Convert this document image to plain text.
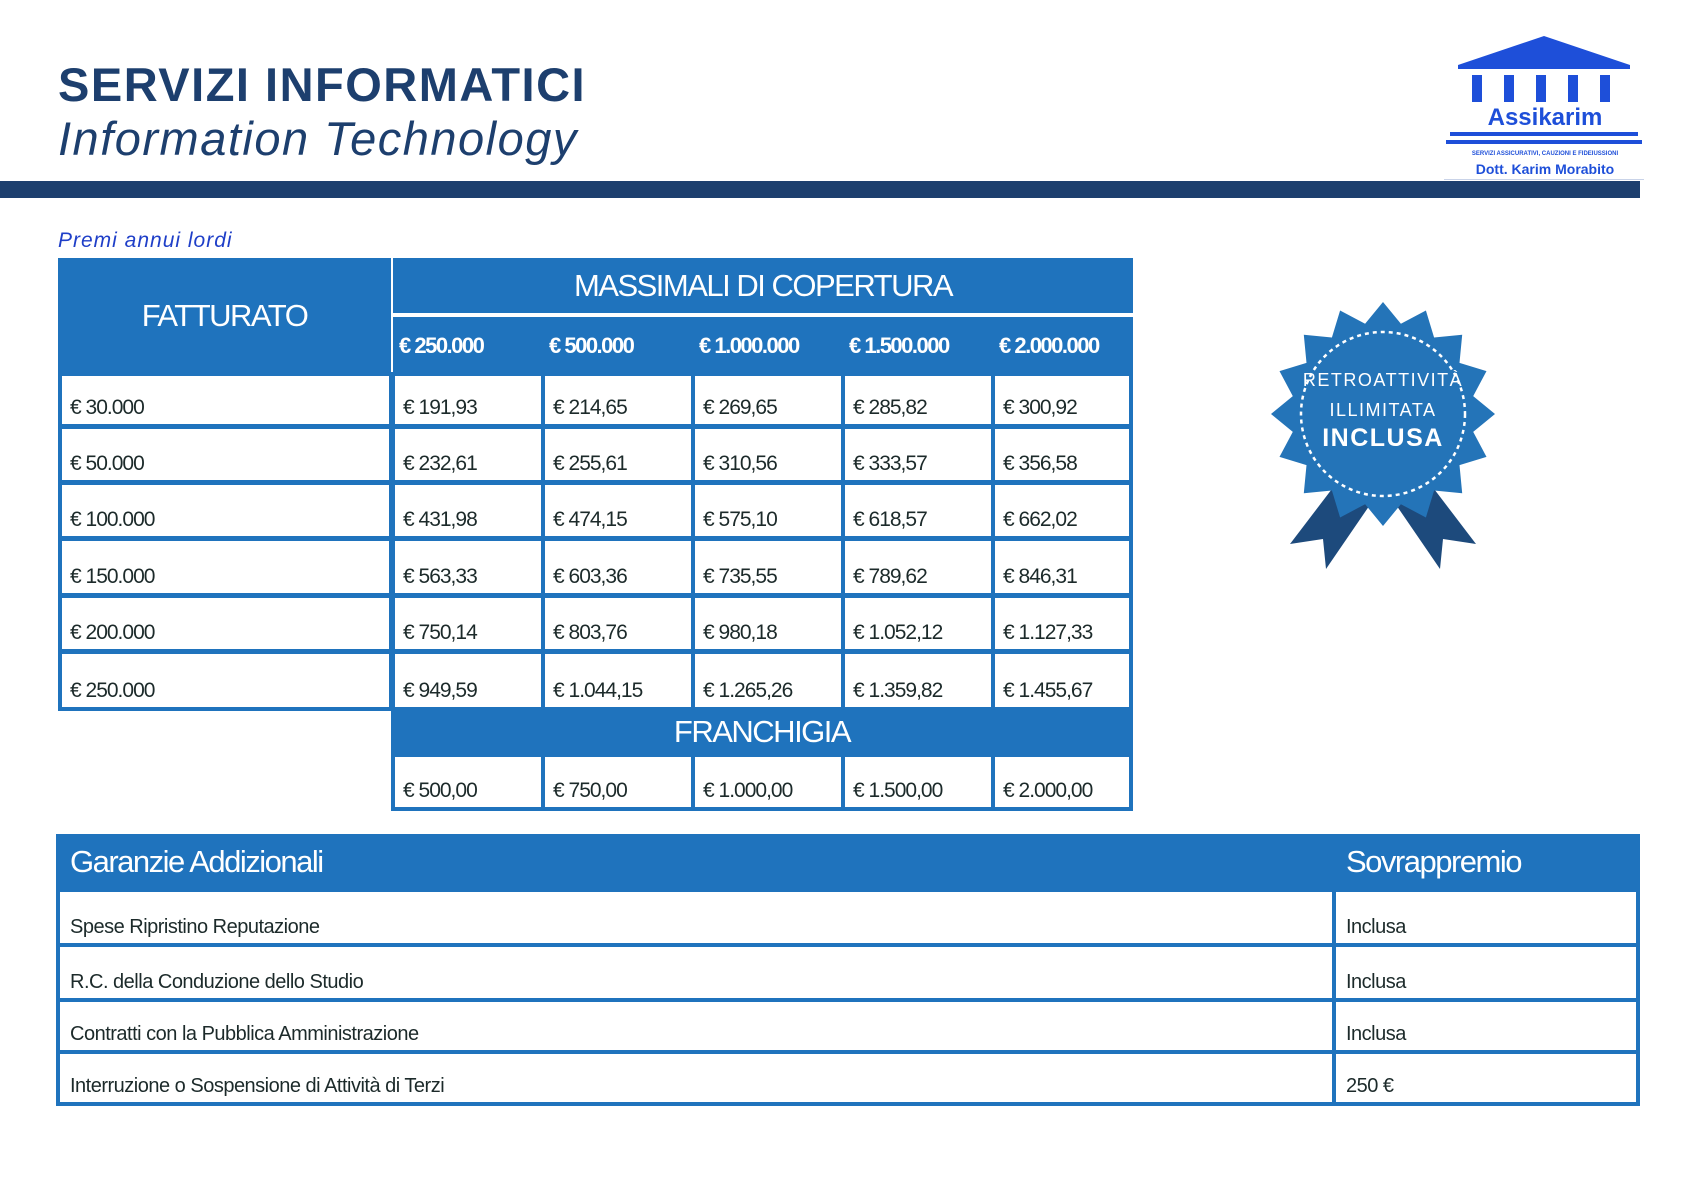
SERVIZI INFORMATICI
Information Technology	Assikarim
SERVIZI ASSICURATIVI, CAUZIONI E FIDEIUSSIONI
Dott. Karim Morabito
Premi annui lordi
FATTURATO
MASSIMALI DI COPERTURA
€ 250.000	€ 500.000	€ 1.000.000 € 1.500.000 € 2.000.000
€ 30.000	€ 191,93	€ 214,65	€ 269,65	€ 285,82	€ 300,92
€ 50.000	€ 232,61	€ 255,61	€ 310,56	€ 333,57	€ 356,58
€ 100.000	€ 431,98	€ 474,15	€ 575,10	€ 618,57	€ 662,02
€ 150.000	€ 563,33	€ 603,36	€ 735,55	€ 789,62	€ 846,31
€ 200.000	€ 750,14	€ 803,76	€ 980,18	€ 1.052,12	€ 1.127,33
€ 250.000	€ 949,59	€ 1.044,15	€ 1.265,26	€ 1.359,82	€ 1.455,67
FRANCHIGIA
€ 500,00	€ 750,00	€ 1.000,00	€ 1.500,00	€ 2.000,00
RETROATTIVITÀ
ILLIMITATA
INCLUSA
Garanzie Addizionali	Sovrappremio
Spese Ripristino Reputazione	Inclusa
R.C. della Conduzione dello Studio	Inclusa
Contratti con la Pubblica Amministrazione	Inclusa
Interruzione o Sospensione di Attività di Terzi	250 €
